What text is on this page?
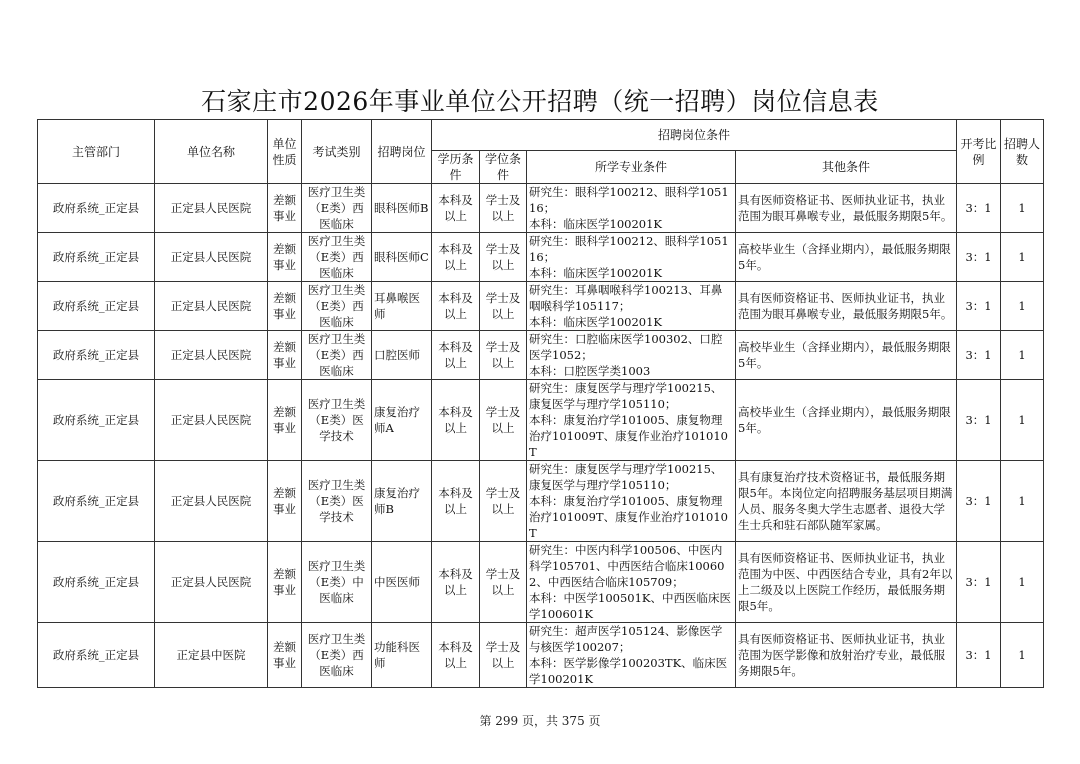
石家庄市2026年事业单位公开招聘（统一招聘）岗位信息表
主管部门	单位名称	单位性质	考试类别	招聘岗位	招聘岗位条件				开考比例	招聘人数
					学历条件	学位条件	所学专业条件	其他条件		
政府系统_正定县	正定县人民医院	差额事业	医疗卫生类（E类）西医临床	眼科医师B	本科及以上	学士及以上	研究生：眼科学100212、眼科学105116；
本科：临床医学100201K	具有医师资格证书、医师执业证书，执业范围为眼耳鼻喉专业，最低服务期限5年。	3：1	1
政府系统_正定县	正定县人民医院	差额事业	医疗卫生类（E类）西医临床	眼科医师C	本科及以上	学士及以上	研究生：眼科学100212、眼科学105116；
本科：临床医学100201K	高校毕业生（含择业期内），最低服务期限5年。	3：1	1
政府系统_正定县	正定县人民医院	差额事业	医疗卫生类（E类）西医临床	耳鼻喉医师	本科及以上	学士及以上	研究生：耳鼻咽喉科学100213、耳鼻咽喉科学105117；
本科：临床医学100201K	具有医师资格证书、医师执业证书，执业范围为眼耳鼻喉专业，最低服务期限5年。	3：1	1
政府系统_正定县	正定县人民医院	差额事业	医疗卫生类（E类）西医临床	口腔医师	本科及以上	学士及以上	研究生：口腔临床医学100302、口腔医学1052；
本科：口腔医学类1003	高校毕业生（含择业期内），最低服务期限5年。	3：1	1
政府系统_正定县	正定县人民医院	差额事业	医疗卫生类（E类）医学技术	康复治疗师A	本科及以上	学士及以上	研究生：康复医学与理疗学100215、康复医学与理疗学105110；
本科：康复治疗学101005、康复物理治疗101009T、康复作业治疗101010T	高校毕业生（含择业期内），最低服务期限5年。	3：1	1
政府系统_正定县	正定县人民医院	差额事业	医疗卫生类（E类）医学技术	康复治疗师B	本科及以上	学士及以上	研究生：康复医学与理疗学100215、康复医学与理疗学105110；
本科：康复治疗学101005、康复物理治疗101009T、康复作业治疗101010T	具有康复治疗技术资格证书，最低服务期限5年。本岗位定向招聘服务基层项目期满人员、服务冬奥大学生志愿者、退役大学生士兵和驻石部队随军家属。	3：1	1
政府系统_正定县	正定县人民医院	差额事业	医疗卫生类（E类）中医临床	中医医师	本科及以上	学士及以上	研究生：中医内科学100506、中医内科学105701、中西医结合临床100602、中西医结合临床105709；
本科：中医学100501K、中西医临床医学100601K	具有医师资格证书、医师执业证书，执业范围为中医、中西医结合专业，具有2年以上二级及以上医院工作经历，最低服务期限5年。	3：1	1
政府系统_正定县	正定县中医院	差额事业	医疗卫生类（E类）西医临床	功能科医师	本科及以上	学士及以上	研究生：超声医学105124、影像医学与核医学100207；
本科：医学影像学100203TK、临床医学100201K	具有医师资格证书、医师执业证书，执业范围为医学影像和放射治疗专业，最低服务期限5年。	3：1	1
第 299 页，共 375 页
